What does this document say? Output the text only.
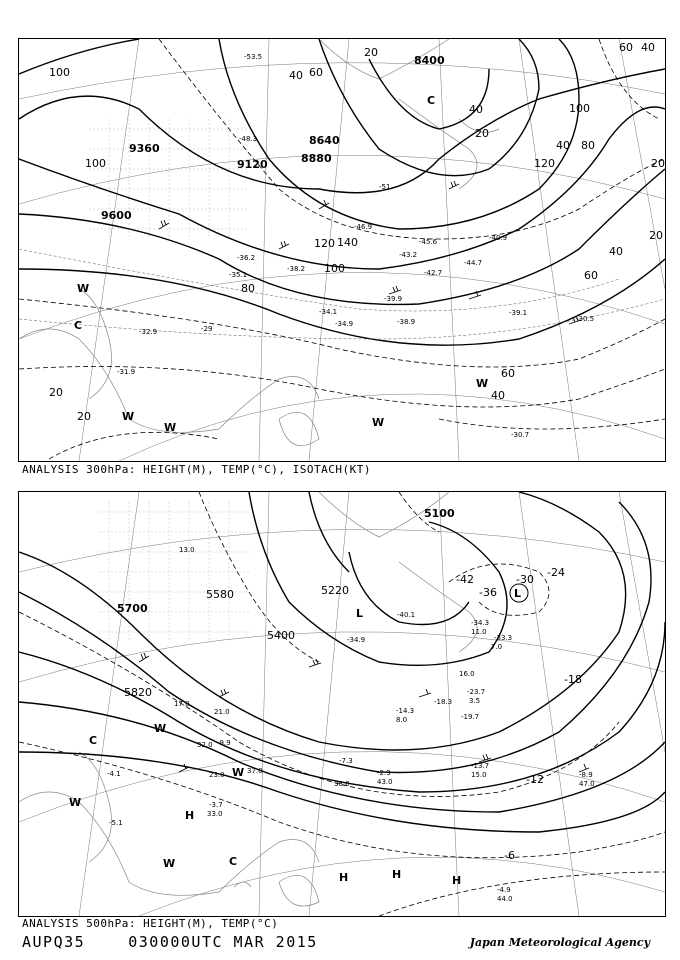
8400
8640
8880
9120
9360
9600
100
100
40 60
20
40
20
60 40
100
40 80
120	20
20
40
60
120 140
100
80
60
40
20
20
-53.5
-51
-48.3
-46.9
-45.6
-44.7
-43.2
-42.7
-40.9
-39.9
-39.1
-38.9
-38.2
-36.2
-35.1
-34.9
-34.1
-32.9
-31.9
-30.7
-30.5
-29
W
W
W	W
C
C
W
ANALYSIS 300hPa: HEIGHT(M), TEMP(°C), ISOTACH(KT)
5100
5220
5400
5580
5700
5820
-42
-36
-30
-24
-18
-12
-6
-40.1
-34.9
-34.3
-33.3
-23.7
-19.7
-18.3
-14.3
-13.7
-9.9
-8.9
-7.3
-5.1
-4.9
-4.1
-3.7
-2.9
47.0
44.0
43.0
38.0
37.0
33.0
32.0
23.0
21.0
17.0
16.0
15.0
13.0
11.0
8.0
7.0
3.5
L
L
W
W
W
W
C
C
H
H	H	H
ANALYSIS 500hPa: HEIGHT(M), TEMP(°C)
AUPQ35	030000UTC MAR 2015	Japan Meteorological Agency
